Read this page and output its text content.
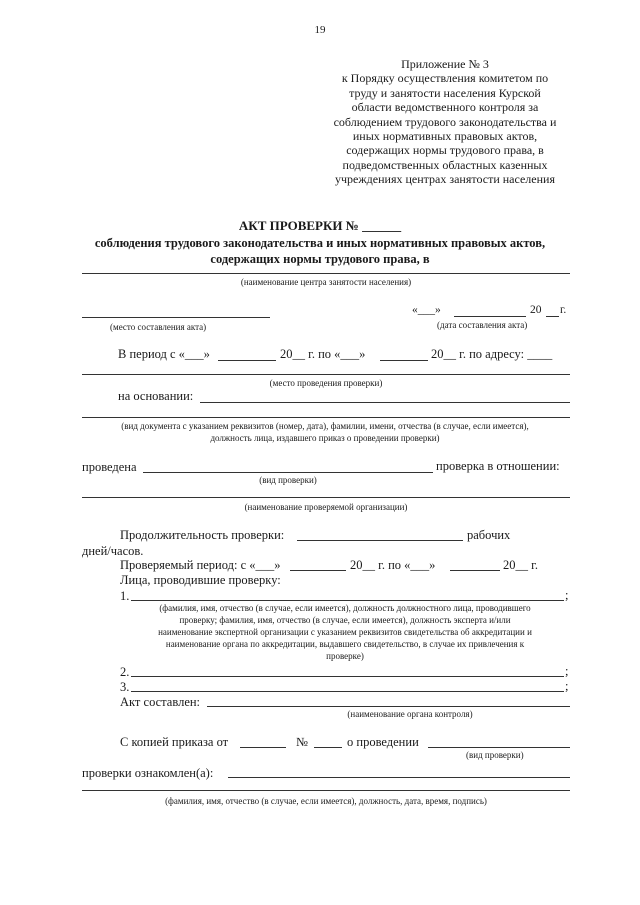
19
Приложение № 3
к Порядку осуществления комитетом по
труду и занятости населения Курской
области ведомственного контроля за
соблюдением трудового законодательства и
иных нормативных правовых актов,
содержащих нормы трудового права, в
подведомственных областных казенных
учреждениях центрах занятости населения
АКТ ПРОВЕРКИ № ______
соблюдения трудового законодательства и иных нормативных правовых актов,
содержащих нормы трудового права, в
(наименование центра занятости населения)
(место составления акта)
«___»	20 г.
(дата составления акта)
В период с «___»	20__ г. по «___»	20__ г. по адресу: ____
(место проведения проверки)
на основании:
(вид документа с указанием реквизитов (номер, дата), фамилии, имени, отчества (в случае, если имеется),
должность лица, издавшего приказ о проведении проверки)
проведена	проверка в отношении:
(вид проверки)
(наименование проверяемой организации)
Продолжительность проверки:	рабочих
дней/часов.
Проверяемый период: с «___»	20__ г. по «___»	20__ г.
Лица, проводившие проверку:
1.	;
(фамилия, имя, отчество (в случае, если имеется), должность должностного лица, проводившего
проверку; фамилия, имя, отчество (в случае, если имеется), должность эксперта и/или
наименование экспертной организации с указанием реквизитов свидетельства об аккредитации и
наименование органа по аккредитации, выдавшего свидетельство, в случае их привлечения к
проверке)
2.	;
3.	;
Акт составлен:
(наименование органа контроля)
С копией приказа от	№	о проведении
(вид проверки)
проверки ознакомлен(а):
(фамилия, имя, отчество (в случае, если имеется), должность, дата, время, подпись)
